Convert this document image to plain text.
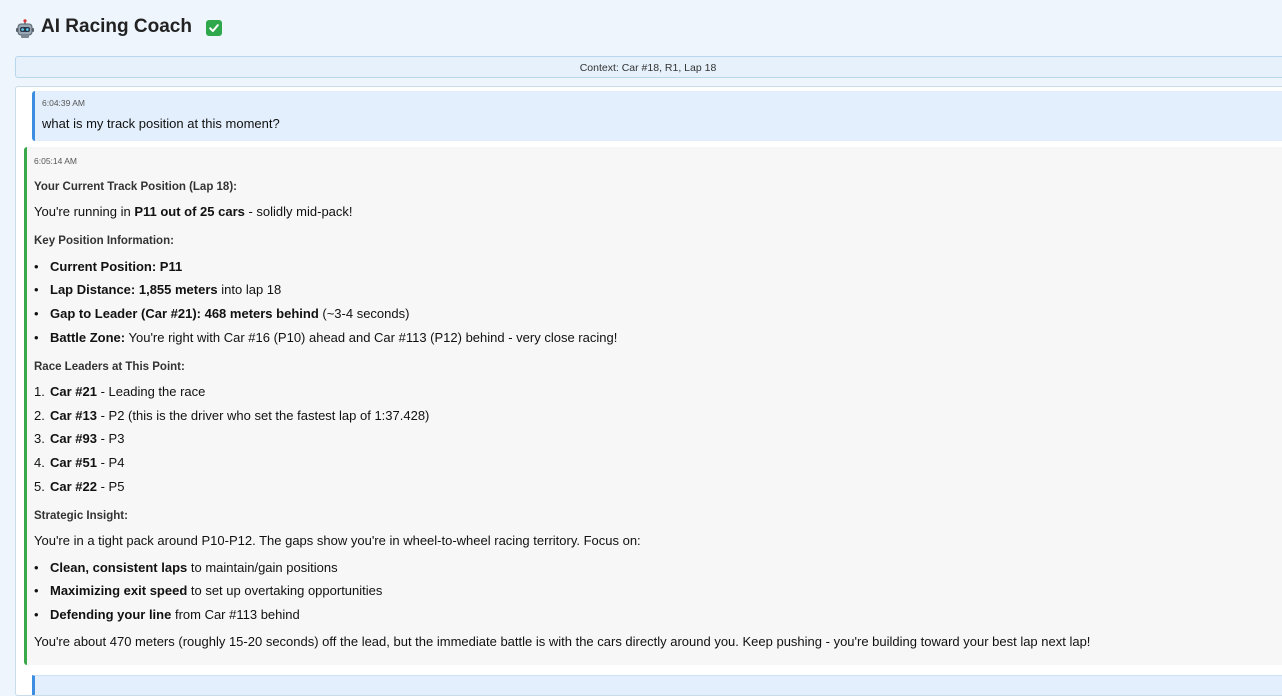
AI Racing Coach
Context: Car #18, R1, Lap 18
6:04:39 AM
what is my track position at this moment?
6:05:14 AM
Your Current Track Position (Lap 18):
You're running in P11 out of 25 cars - solidly mid-pack!
Key Position Information:
• Current Position: P11
• Lap Distance: 1,855 meters into lap 18
• Gap to Leader (Car #21): 468 meters behind (~3-4 seconds)
• Battle Zone: You're right with Car #16 (P10) ahead and Car #113 (P12) behind - very close racing!
Race Leaders at This Point:
1. Car #21 - Leading the race
2. Car #13 - P2 (this is the driver who set the fastest lap of 1:37.428)
3. Car #93 - P3
4. Car #51 - P4
5. Car #22 - P5
Strategic Insight:
You're in a tight pack around P10-P12. The gaps show you're in wheel-to-wheel racing territory. Focus on:
• Clean, consistent laps to maintain/gain positions
• Maximizing exit speed to set up overtaking opportunities
• Defending your line from Car #113 behind
You're about 470 meters (roughly 15-20 seconds) off the lead, but the immediate battle is with the cars directly around you. Keep pushing - you're building toward your best lap next lap!
